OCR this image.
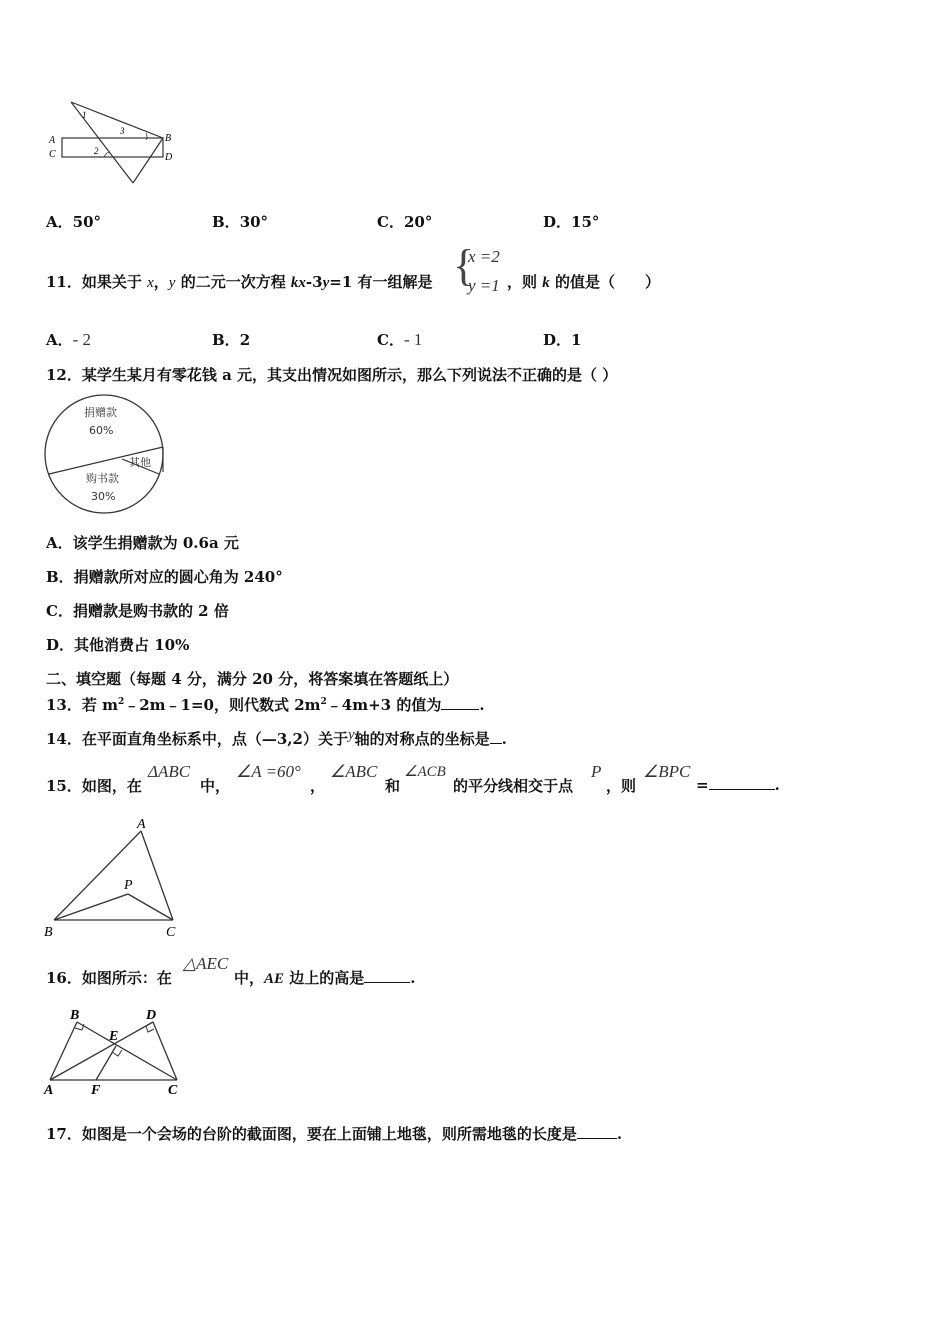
1
3
2
A
C
B
D
A．50°	B．30°	C．20°	D．15°
11．如果关于 x，y 的二元一次方程 kx-3y=1 有一组解是 {
x =2
y =1 ，则 k 的值是（　　）
A．- 2	B．2	C．- 1	D．1
12．某学生某月有零花钱 a 元，其支出情况如图所示，那么下列说法不正确的是（ ）
捐赠款
60%
其他
购书款
30%
A．该学生捐赠款为 0.6a 元
B．捐赠款所对应的圆心角为 240°
C．捐赠款是购书款的 2 倍
D．其他消费占 10%
二、填空题（每题 4 分，满分 20 分，将答案填在答题纸上）
13．若 $m^2﹣2m﹣1=0$，则代数式 $2m^2﹣4m+3$ 的值为	.
14．在平面直角坐标系中，点（—3,2）关于y轴的对称点的坐标是 .
15．如图，在
ΔABC
中，
∠A =60°
，
∠ABC
和
∠ACB
的平分线相交于点
P
，则
∠BPC
=	.
A
P
B	C
16．如图所示：在
△AEC
中，AE 边上的高是	.
B	D
E
A	F	C
17．如图是一个会场的台阶的截面图，要在上面铺上地毯，则所需地毯的长度是	.
